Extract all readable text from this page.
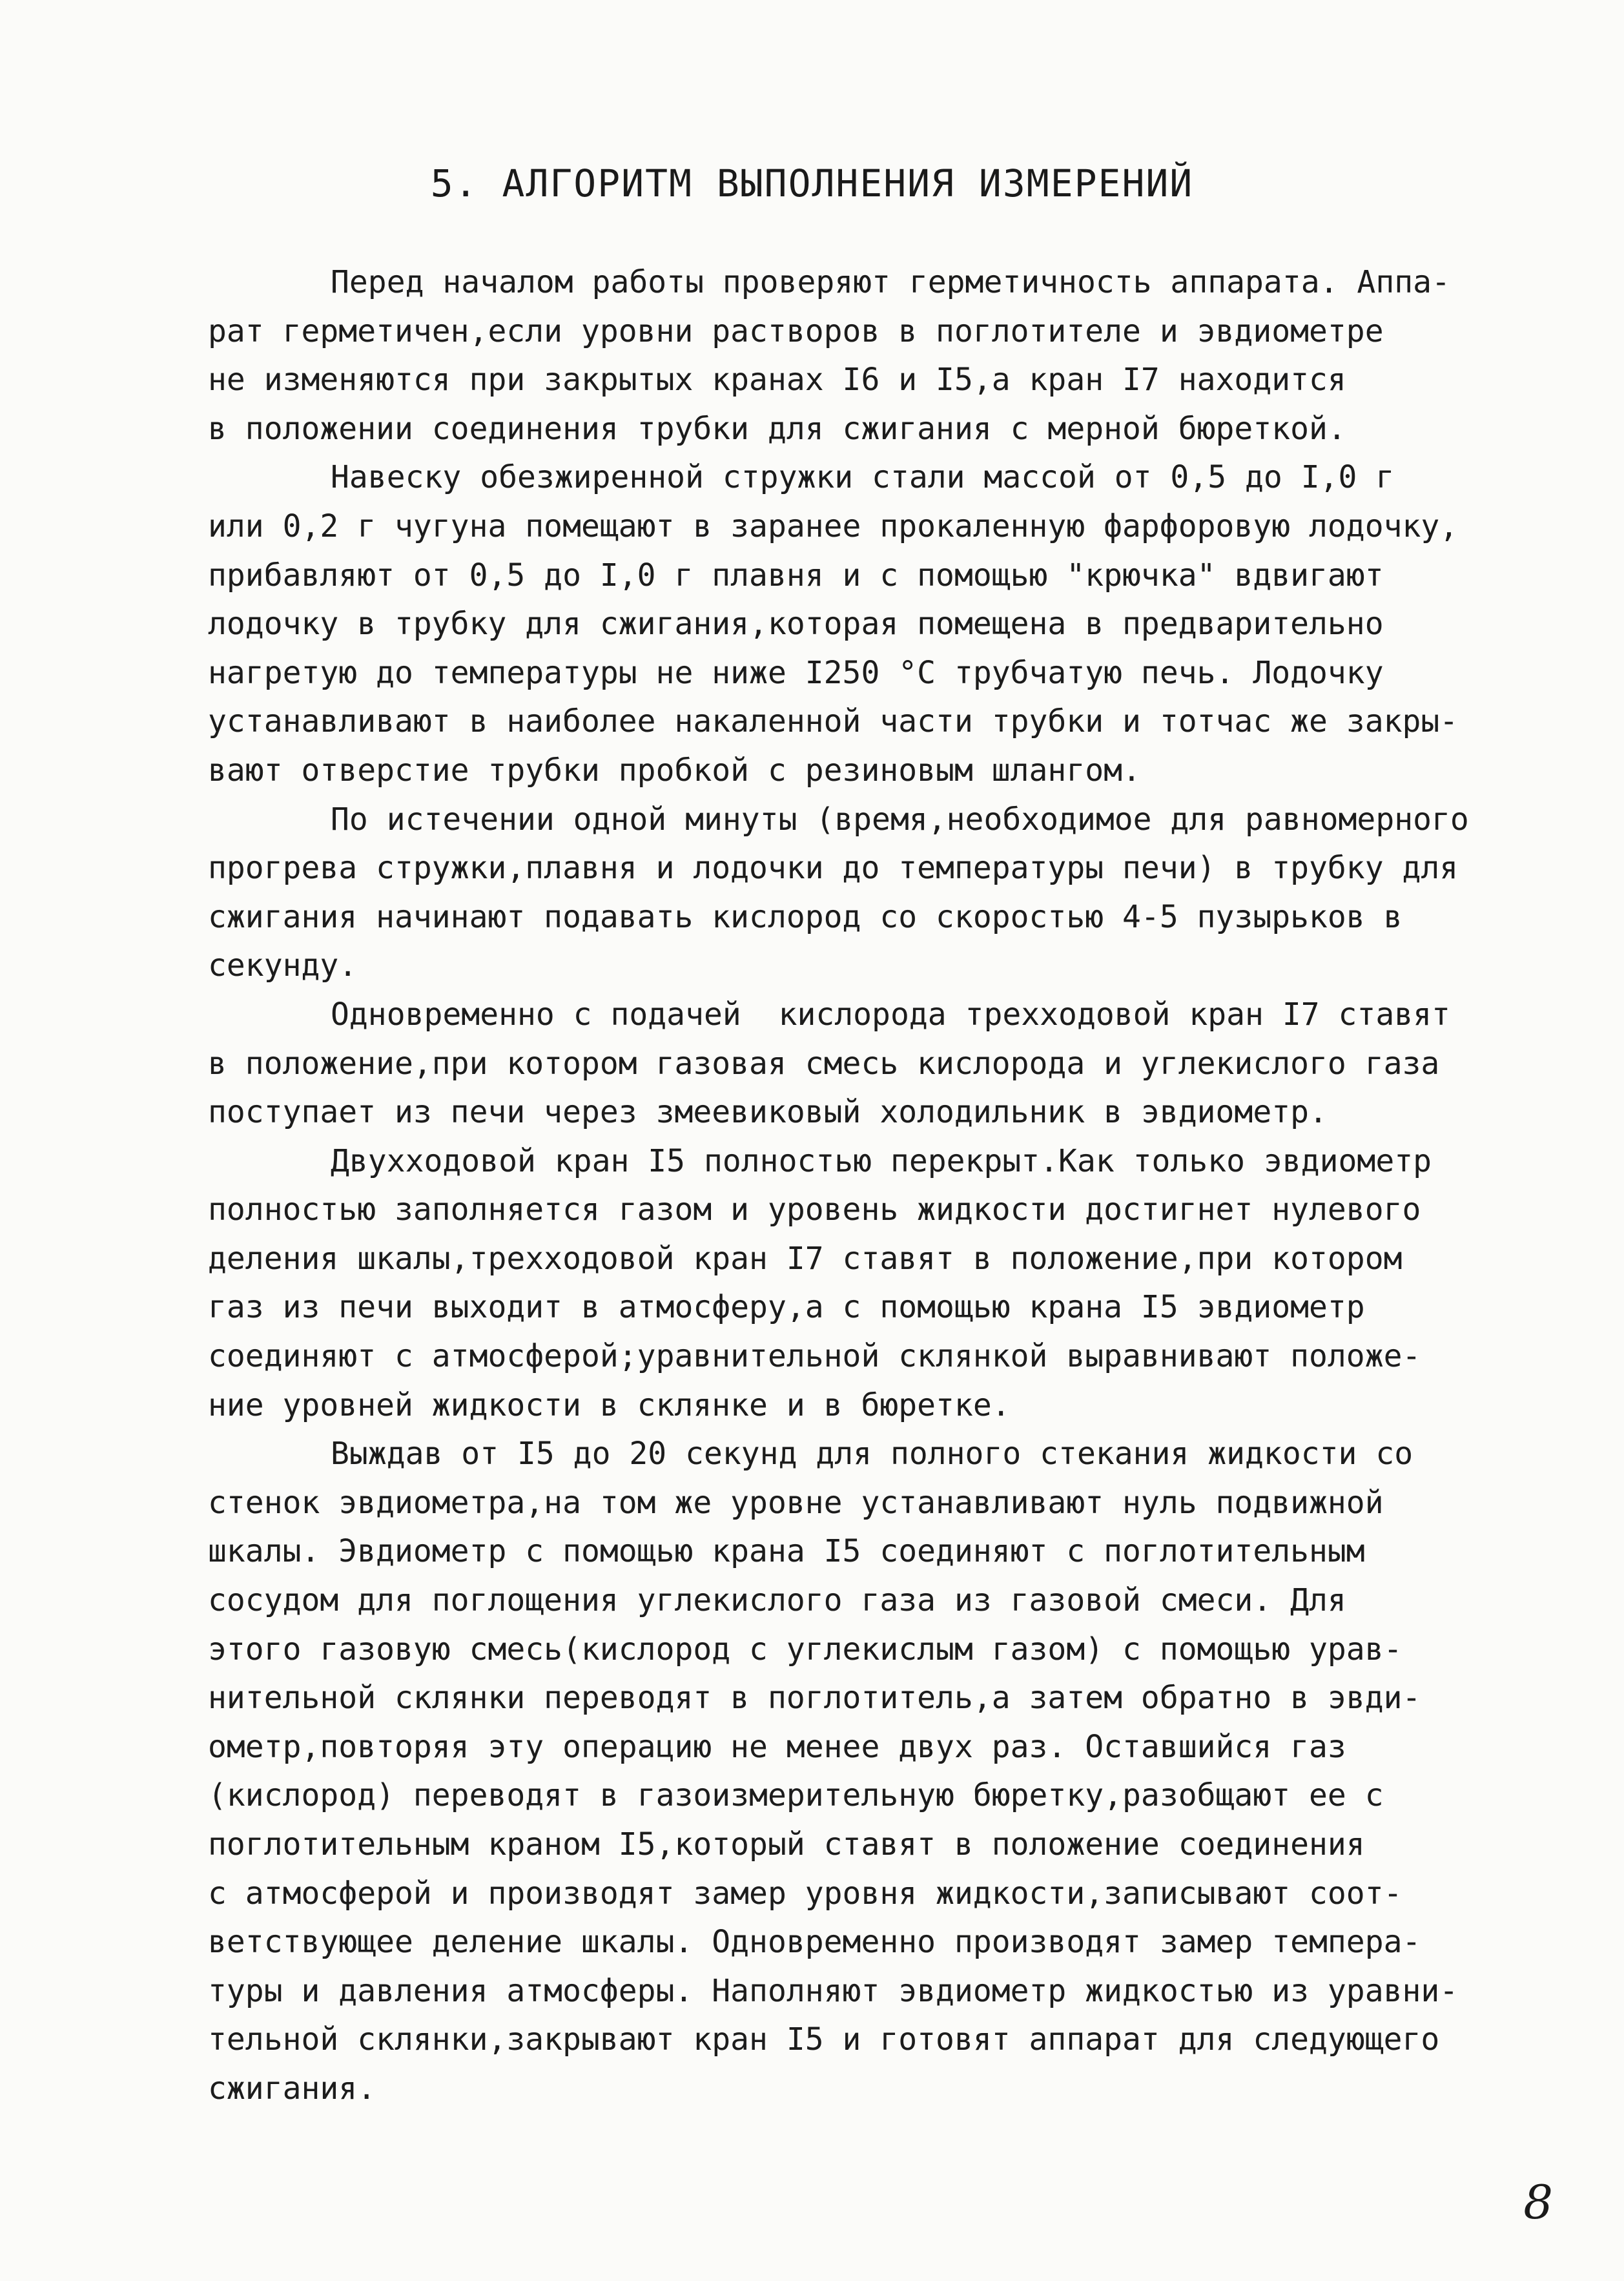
5. АЛГОРИТМ ВЫПОЛНЕНИЯ ИЗМЕРЕНИЙ
Перед началом работы проверяют герметичность аппарата. Аппа-
рат герметичен,если уровни растворов в поглотителе и эвдиометре
не изменяются при закрытых кранах I6 и I5,а кран I7 находится
в положении соединения трубки для сжигания с мерной бюреткой.
Навеску обезжиренной стружки стали массой от 0,5 до I,0 г
или 0,2 г чугуна помещают в заранее прокаленную фарфоровую лодочку,
прибавляют от 0,5 до I,0 г плавня и с помощью "крючка" вдвигают
лодочку в трубку для сжигания,которая помещена в предварительно
нагретую до температуры не ниже I250 °C трубчатую печь. Лодочку
устанавливают в наиболее накаленной части трубки и тотчас же закры-
вают отверстие трубки пробкой с резиновым шлангом.
По истечении одной минуты (время,необходимое для равномерного
прогрева стружки,плавня и лодочки до температуры печи) в трубку для
сжигания начинают подавать кислород со скоростью 4-5 пузырьков в
секунду.
Одновременно с подачей  кислорода трехходовой кран I7 ставят
в положение,при котором газовая смесь кислорода и углекислого газа
поступает из печи через змеевиковый холодильник в эвдиометр.
Двухходовой кран I5 полностью перекрыт.Как только эвдиометр
полностью заполняется газом и уровень жидкости достигнет нулевого
деления шкалы,трехходовой кран I7 ставят в положение,при котором
газ из печи выходит в атмосферу,а с помощью крана I5 эвдиометр
соединяют с атмосферой;уравнительной склянкой выравнивают положе-
ние уровней жидкости в склянке и в бюретке.
Выждав от I5 до 20 секунд для полного стекания жидкости со
стенок эвдиометра,на том же уровне устанавливают нуль подвижной
шкалы. Эвдиометр с помощью крана I5 соединяют с поглотительным
сосудом для поглощения углекислого газа из газовой смеси. Для
этого газовую смесь(кислород с углекислым газом) с помощью урав-
нительной склянки переводят в поглотитель,а затем обратно в эвди-
ометр,повторяя эту операцию не менее двух раз. Оставшийся газ
(кислород) переводят в газоизмерительную бюретку,разобщают ее с
поглотительным краном I5,который ставят в положение соединения
с атмосферой и производят замер уровня жидкости,записывают соот-
ветствующее деление шкалы. Одновременно производят замер темпера-
туры и давления атмосферы. Наполняют эвдиометр жидкостью из уравни-
тельной склянки,закрывают кран I5 и готовят аппарат для следующего
сжигания.
8
